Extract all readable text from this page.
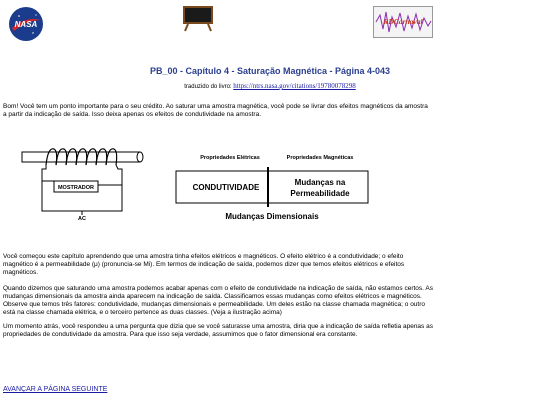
NASA	RDCarnaval
PB_00 - Capítulo 4 - Saturação Magnética - Página 4-043
traduzido do livro: https://ntrs.nasa.gov/citations/19780078298

Bom! Você tem um ponto importante para o seu crédito. Ao saturar uma amostra magnética, você pode se livrar dos efeitos magnéticos da amostra a partir da indicação de saída. Isso deixa apenas os efeitos de condutividade na amostra.

MOSTRADOR
AC
Propriedades Elétricas	Propriedades Magnéticas
CONDUTIVIDADE
Mudanças na
Permeabilidade
Mudanças Dimensionais

Você começou este capítulo aprendendo que uma amostra tinha efeitos elétricos e magnéticos. O efeito elétrico é a condutividade; o efeito magnético é a permeabilidade (μ) (pronuncia-se Mi). Em termos de indicação de saída, podemos dizer que temos efeitos elétricos e efeitos magnéticos.

Quando dizemos que saturando uma amostra podemos acabar apenas com o efeito de condutividade na indicação de saída, não estamos certos. As mudanças dimensionais da amostra ainda aparecem na indicação de saída. Classificamos essas mudanças como efeitos elétricos e magnéticos. Observe que temos três fatores: condutividade, mudanças dimensionais e permeabilidade. Um deles estão na classe chamada magnética; o outro está na classe chamada elétrica, e o terceiro pertence as duas classes. (Veja a ilustração acima)

Um momento atrás, você respondeu a uma pergunta que dizia que se você saturasse uma amostra, diria que a indicação de saída refletia apenas as propriedades de condutividade da amostra. Para que isso seja verdade, assumimos que o fator dimensional era constante.

AVANÇAR A PÁGINA SEGUINTE
